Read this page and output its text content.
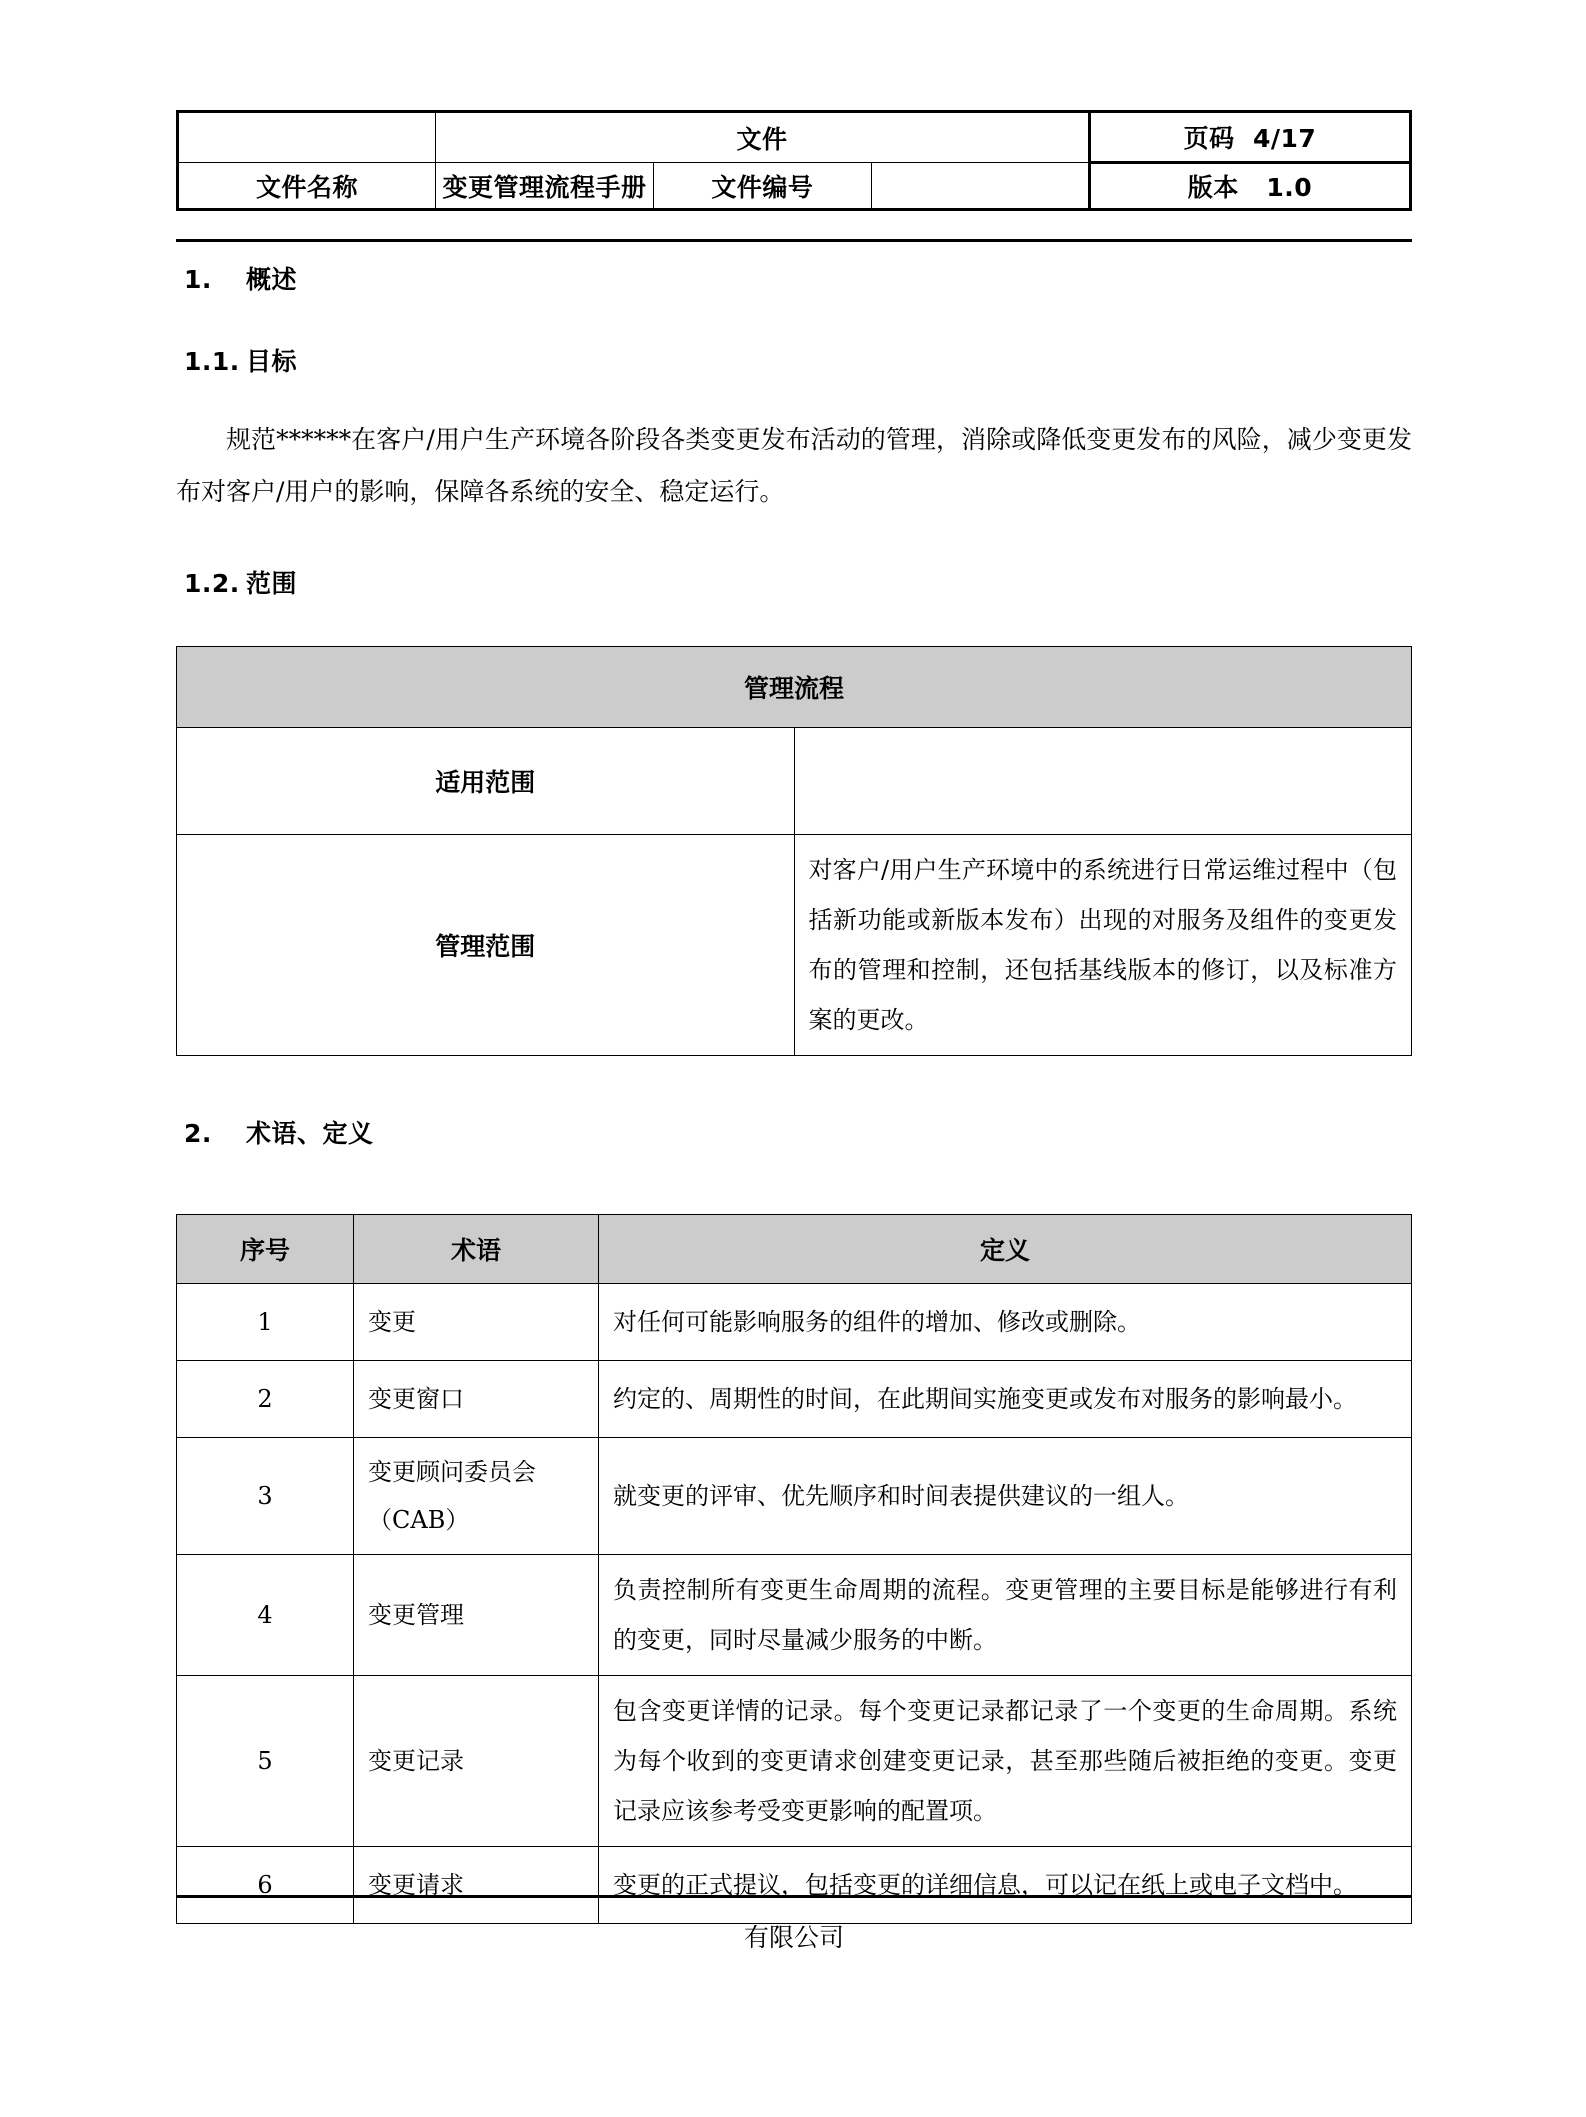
	文件			页码  4/17
文件名称	变更管理流程手册	文件编号		版本   1.0
1. 概述
1.1. 目标

规范******在客户/用户生产环境各阶段各类变更发布活动的管理，消除或降低变更发布的风险，减少变更发布对客户/用户的影响，保障各系统的安全、稳定运行。

1.2. 范围
管理流程	
适用范围	
管理范围	对客户/用户生产环境中的系统进行日常运维过程中（包括新功能或新版本发布）出现的对服务及组件的变更发布的管理和控制，还包括基线版本的修订，以及标准方案的更改。
2. 术语、定义
序号	术语	定义
1	变更	对任何可能影响服务的组件的增加、修改或删除。
2	变更窗口	约定的、周期性的时间，在此期间实施变更或发布对服务的影响最小。
3	变更顾问委员会（CAB）	就变更的评审、优先顺序和时间表提供建议的一组人。
4	变更管理	负责控制所有变更生命周期的流程。变更管理的主要目标是能够进行有利的变更，同时尽量减少服务的中断。
5	变更记录	包含变更详情的记录。每个变更记录都记录了一个变更的生命周期。系统为每个收到的变更请求创建变更记录，甚至那些随后被拒绝的变更。变更记录应该参考受变更影响的配置项。
6	变更请求	变更的正式提议，包括变更的详细信息，可以记在纸上或电子文档中。
有限公司
